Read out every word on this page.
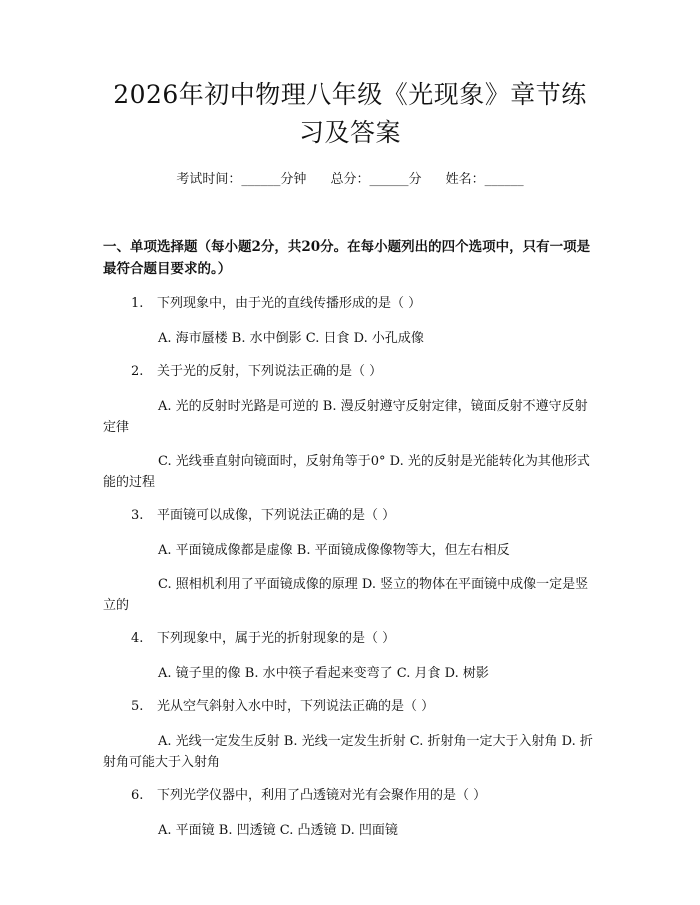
2026年初中物理八年级《光现象》章节练习及答案
考试时间：______分钟 总分：______分 姓名：______
一、单项选择题（每小题2分，共20分。在每小题列出的四个选项中，只有一项是最符合题目要求的。）
1. 下列现象中，由于光的直线传播形成的是（ ）
A. 海市蜃楼 B. 水中倒影 C. 日食 D. 小孔成像
2. 关于光的反射，下列说法正确的是（ ）
A. 光的反射时光路是可逆的 B. 漫反射遵守反射定律，镜面反射不遵守反射定律
C. 光线垂直射向镜面时，反射角等于0° D. 光的反射是光能转化为其他形式能的过程
3. 平面镜可以成像，下列说法正确的是（ ）
A. 平面镜成像都是虚像 B. 平面镜成像像物等大，但左右相反
C. 照相机利用了平面镜成像的原理 D. 竖立的物体在平面镜中成像一定是竖立的
4. 下列现象中，属于光的折射现象的是（ ）
A. 镜子里的像 B. 水中筷子看起来变弯了 C. 月食 D. 树影
5. 光从空气斜射入水中时，下列说法正确的是（ ）
A. 光线一定发生反射 B. 光线一定发生折射 C. 折射角一定大于入射角 D. 折射角可能大于入射角
6. 下列光学仪器中，利用了凸透镜对光有会聚作用的是（ ）
A. 平面镜 B. 凹透镜 C. 凸透镜 D. 凹面镜
